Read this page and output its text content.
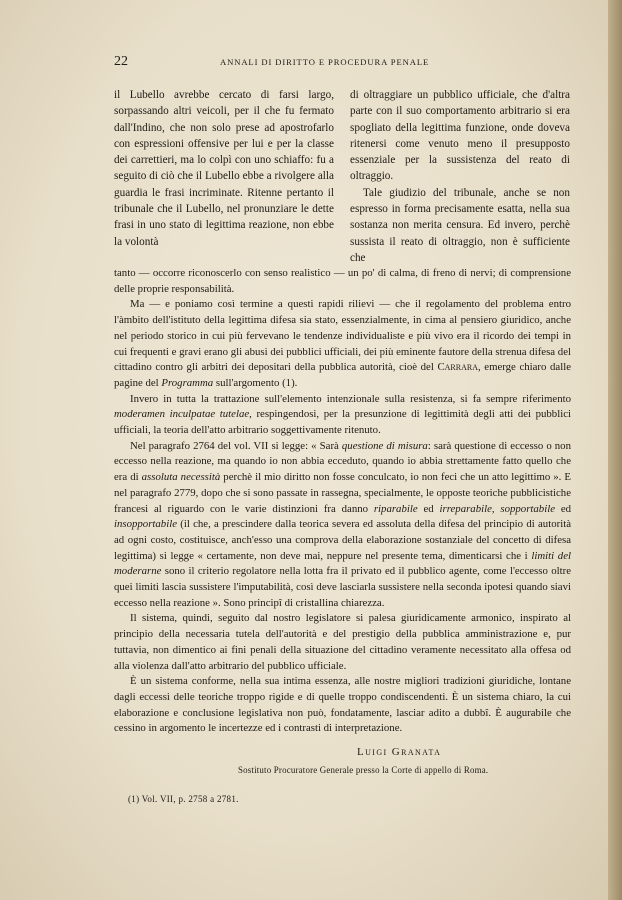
22	ANNALI DI DIRITTO E PROCEDURA PENALE

il Lubello avrebbe cercato di farsi largo, sorpassando altri veicoli, per il che fu fermato dall'Indino, che non solo prese ad apostrofarlo con espressioni offensive per lui e per la classe dei carrettieri, ma lo colpì con uno schiaffo: fu a seguito di ciò che il Lubello ebbe a rivolgere alla guardia le frasi incriminate. Ritenne pertanto il tribunale che il Lubello, nel pronunziare le dette frasi in uno stato di legittima reazione, non ebbe la volontà

di oltraggiare un pubblico ufficiale, che d'altra parte con il suo comportamento arbitrario si era spogliato della legittima funzione, onde doveva ritenersi come venuto meno il presupposto essenziale per la sussistenza del reato di oltraggio.

Tale giudizio del tribunale, anche se non espresso in forma precisamente esatta, nella sua sostanza non merita censura. Ed invero, perchè sussista il reato di oltraggio, non è sufficiente che

tanto — occorre riconoscerlo con senso realistico — un po' di calma, di freno di nervi; di comprensione delle proprie responsabilità.

Ma — e poniamo così termine a questi rapidi rilievi — che il regolamento del problema entro l'àmbito dell'istituto della legittima difesa sia stato, essenzialmente, in cima al pensiero giuridico, anche nel periodo storico in cui più fervevano le tendenze individualiste e più vivo era il ricordo dei tempi in cui frequenti e gravi erano gli abusi dei pubblici ufficiali, dei più eminente fautore della strenua difesa del cittadino contro gli arbitri dei depositari della pubblica autorità, cioè del Carrara, emerge chiaro dalle pagine del Programma sull'argomento (1).

Invero in tutta la trattazione sull'elemento intenzionale sulla resistenza, si fa sempre riferimento moderamen inculpatae tutelae, respingendosi, per la presunzione di legittimità degli atti dei pubblici ufficiali, la teoria dell'atto arbitrario soggettivamente ritenuto.

Nel paragrafo 2764 del vol. VII si legge: « Sarà questione di misura: sarà questione di eccesso o non eccesso nella reazione, ma quando io non abbia ecceduto, quando io abbia strettamente fatto quello che era di assoluta necessità perchè il mio diritto non fosse conculcato, io non feci che un atto legittimo ». E nel paragrafo 2779, dopo che si sono passate in rassegna, specialmente, le opposte teoriche pubblicistiche francesi al riguardo con le varie distinzioni fra danno riparabile ed irreparabile, sopportabile ed insopportabile (il che, a prescindere dalla teorica severa ed assoluta della difesa del principio di autorità ad ogni costo, costituisce, anch'esso una comprova della elaborazione sostanziale del concetto di difesa legittima) si legge « certamente, non deve mai, neppure nel presente tema, dimenticarsi che i limiti del moderarne sono il criterio regolatore nella lotta fra il privato ed il pubblico agente, come l'eccesso oltre quei limiti lascia sussistere l'imputabilità, così deve lasciarla sussistere nella seconda ipotesi quando siavi eccesso nella reazione ». Sono principî di cristallina chiarezza.

Il sistema, quindi, seguìto dal nostro legislatore si palesa giuridicamente armonico, inspirato al principio della necessaria tutela dell'autorità e del prestigio della pubblica amministrazione e, pur tuttavia, non dimentico ai fini penali della situazione del cittadino veramente necessitato alla offesa od alla violenza dall'atto arbitrario del pubblico ufficiale.

È un sistema conforme, nella sua intima essenza, alle nostre migliori tradizioni giuridiche, lontane dagli eccessi delle teoriche troppo rigide e di quelle troppo condiscendenti. È un sistema chiaro, la cui elaborazione e conclusione legislativa non può, fondatamente, lasciar adito a dubbî. È augurabile che cessino in argomento le incertezze ed i contrasti di interpretazione.

Luigi Granata
Sostituto Procuratore Generale presso la Corte di appello di Roma.
(1) Vol. VII, p. 2758 a 2781.
